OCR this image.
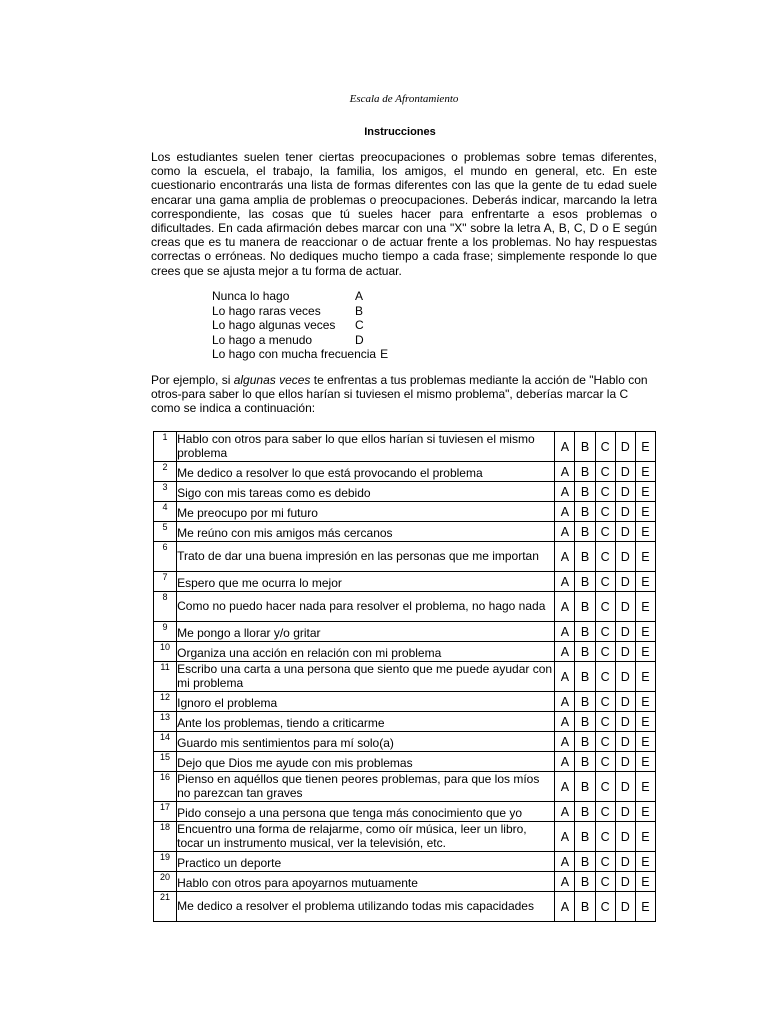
Escala de Afrontamiento
Instrucciones
Los estudiantes suelen tener ciertas preocupaciones o problemas sobre temas diferentes, como la escuela, el trabajo, la familia, los amigos, el mundo en general, etc. En este cuestionario encontrarás una lista de formas diferentes con las que la gente de tu edad suele encarar una gama amplia de problemas o preocupaciones. Deberás indicar, marcando la letra correspondiente, las cosas que tú sueles hacer para enfrentarte a esos problemas o dificultades. En cada afirmación debes marcar con una "X" sobre la letra A, B, C, D o E según creas que es tu manera de reaccionar o de actuar frente a los problemas. No hay respuestas correctas o erróneas. No dediques mucho tiempo a cada frase; simplemente responde lo que crees que se ajusta mejor a tu forma de actuar.
Nunca lo hago	A
Lo hago raras veces	B
Lo hago algunas veces	C
Lo hago a menudo	D
Lo hago con mucha frecuencia E
Por ejemplo, si algunas veces te enfrentas a tus problemas mediante la acción de "Hablo con otros-para saber lo que ellos harían si tuviesen el mismo problema", deberías marcar la C como se indica a continuación:
1	Hablo con otros para saber lo que ellos harían si tuviesen el mismo problema	A	B	C	D	E
2	Me dedico a resolver lo que está provocando el problema	A	B	C	D	E
3	Sigo con mis tareas como es debido	A	B	C	D	E
4	Me preocupo por mi futuro	A	B	C	D	E
5	Me reúno con mis amigos más cercanos	A	B	C	D	E
6	Trato de dar una buena impresión en las personas que me importan	A	B	C	D	E
7	Espero que me ocurra lo mejor	A	B	C	D	E
8	Como no puedo hacer nada para resolver el problema, no hago nada	A	B	C	D	E
9	Me pongo a llorar y/o gritar	A	B	C	D	E
10	Organiza una acción en relación con mi problema	A	B	C	D	E
11	Escribo una carta a una persona que siento que me puede ayudar con mi problema	A	B	C	D	E
12	Ignoro el problema	A	B	C	D	E
13	Ante los problemas, tiendo a criticarme	A	B	C	D	E
14	Guardo mis sentimientos para mí solo(a)	A	B	C	D	E
15	Dejo que Dios me ayude con mis problemas	A	B	C	D	E
16	Pienso en aquéllos que tienen peores problemas, para que los míos no parezcan tan graves	A	B	C	D	E
17	Pido consejo a una persona que tenga más conocimiento que yo	A	B	C	D	E
18	Encuentro una forma de relajarme, como oír música, leer un libro, tocar un instrumento musical, ver la televisión, etc.	A	B	C	D	E
19	Practico un deporte	A	B	C	D	E
20	Hablo con otros para apoyarnos mutuamente	A	B	C	D	E
21	Me dedico a resolver el problema utilizando todas mis capacidades	A	B	C	D	E
